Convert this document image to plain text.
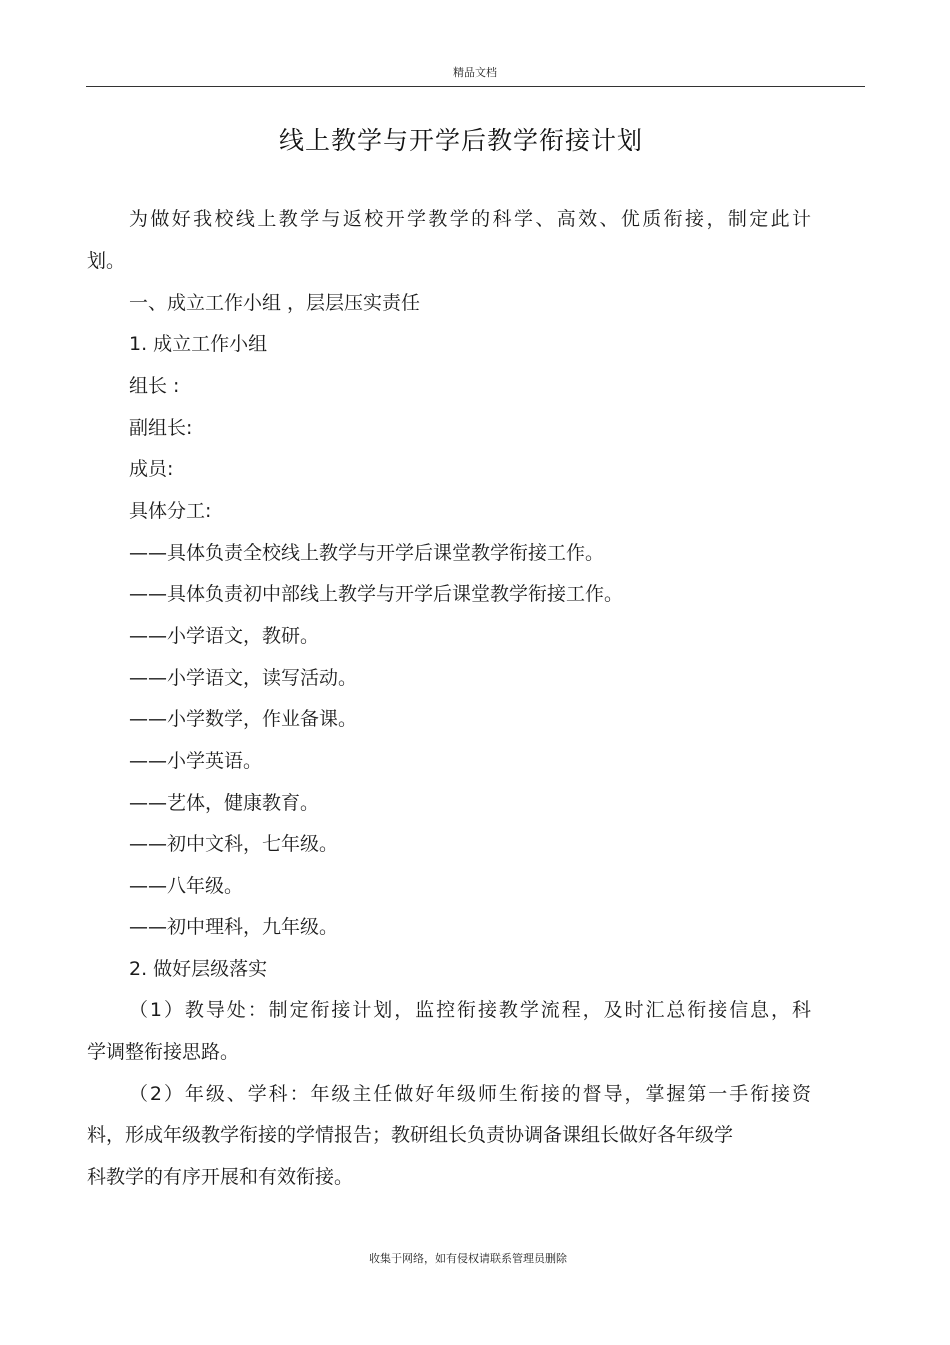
精品文档
线上教学与开学后教学衔接计划
为做好我校线上教学与返校开学教学的科学、高效、优质衔接，制定此计
划。
一、成立工作小组 ，层层压实责任
1. 成立工作小组
组长 :
副组长:
成员:
具体分工:
——具体负责全校线上教学与开学后课堂教学衔接工作。
——具体负责初中部线上教学与开学后课堂教学衔接工作。
——小学语文，教研。
——小学语文，读写活动。
——小学数学，作业备课。
——小学英语。
——艺体，健康教育。
——初中文科，七年级。
——八年级。
——初中理科，九年级。
2. 做好层级落实
（1）教导处：制定衔接计划，监控衔接教学流程，及时汇总衔接信息，科
学调整衔接思路。
（2）年级、学科：年级主任做好年级师生衔接的督导，掌握第一手衔接资
料，形成年级教学衔接的学情报告；教研组长负责协调备课组长做好各年级学
科教学的有序开展和有效衔接。
收集于网络，如有侵权请联系管理员删除
